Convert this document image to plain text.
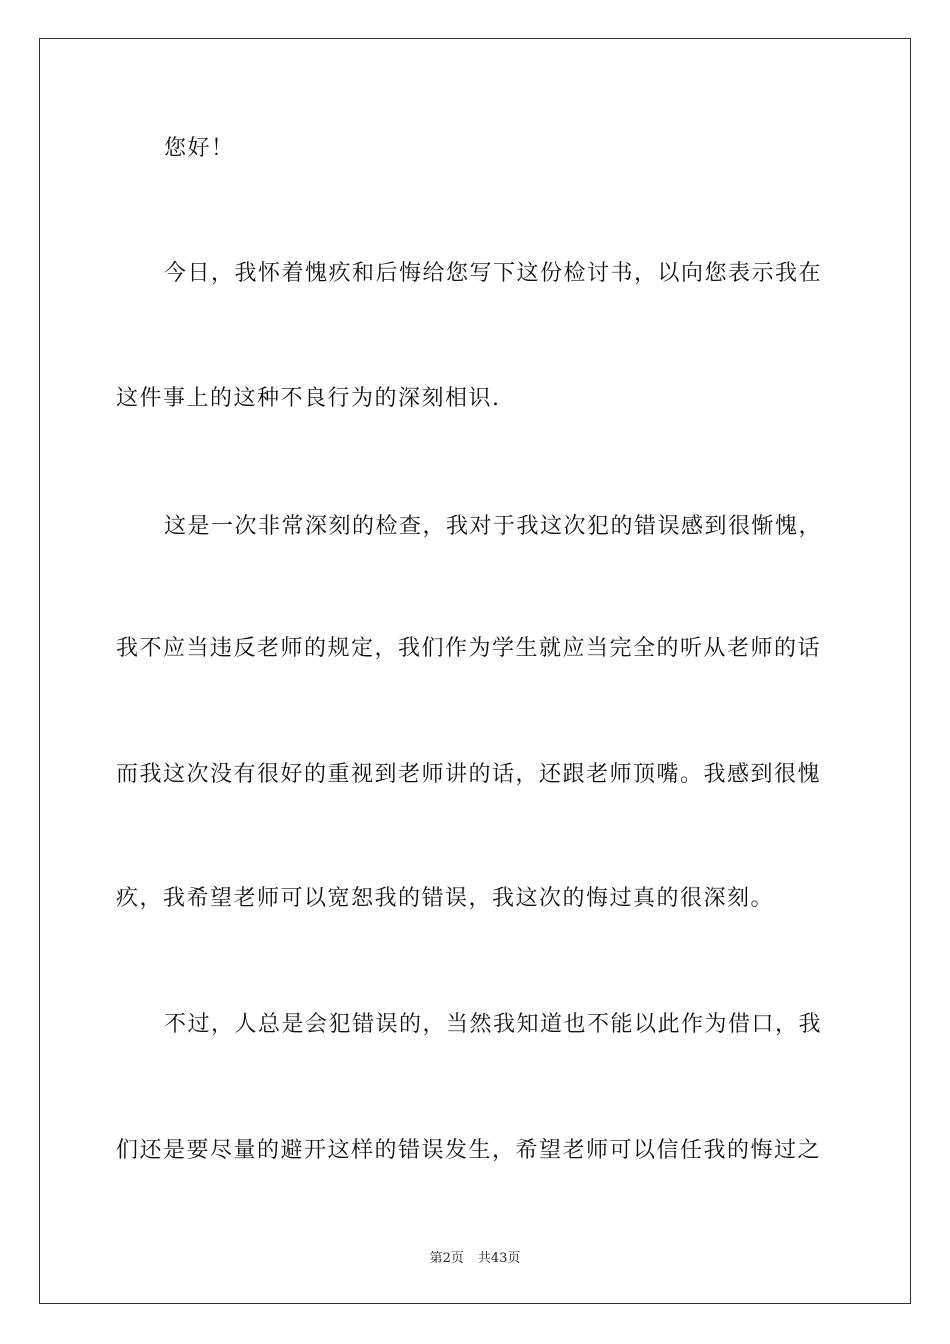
您好！
今日，我怀着愧疚和后悔给您写下这份检讨书，以向您表示我在
这件事上的这种不良行为的深刻相识.
这是一次非常深刻的检查，我对于我这次犯的错误感到很惭愧，
我不应当违反老师的规定，我们作为学生就应当完全的听从老师的话
而我这次没有很好的重视到老师讲的话，还跟老师顶嘴。我感到很愧
疚，我希望老师可以宽恕我的错误，我这次的悔过真的很深刻。
不过，人总是会犯错误的，当然我知道也不能以此作为借口，我
们还是要尽量的避开这样的错误发生，希望老师可以信任我的悔过之
第2页 共43页
